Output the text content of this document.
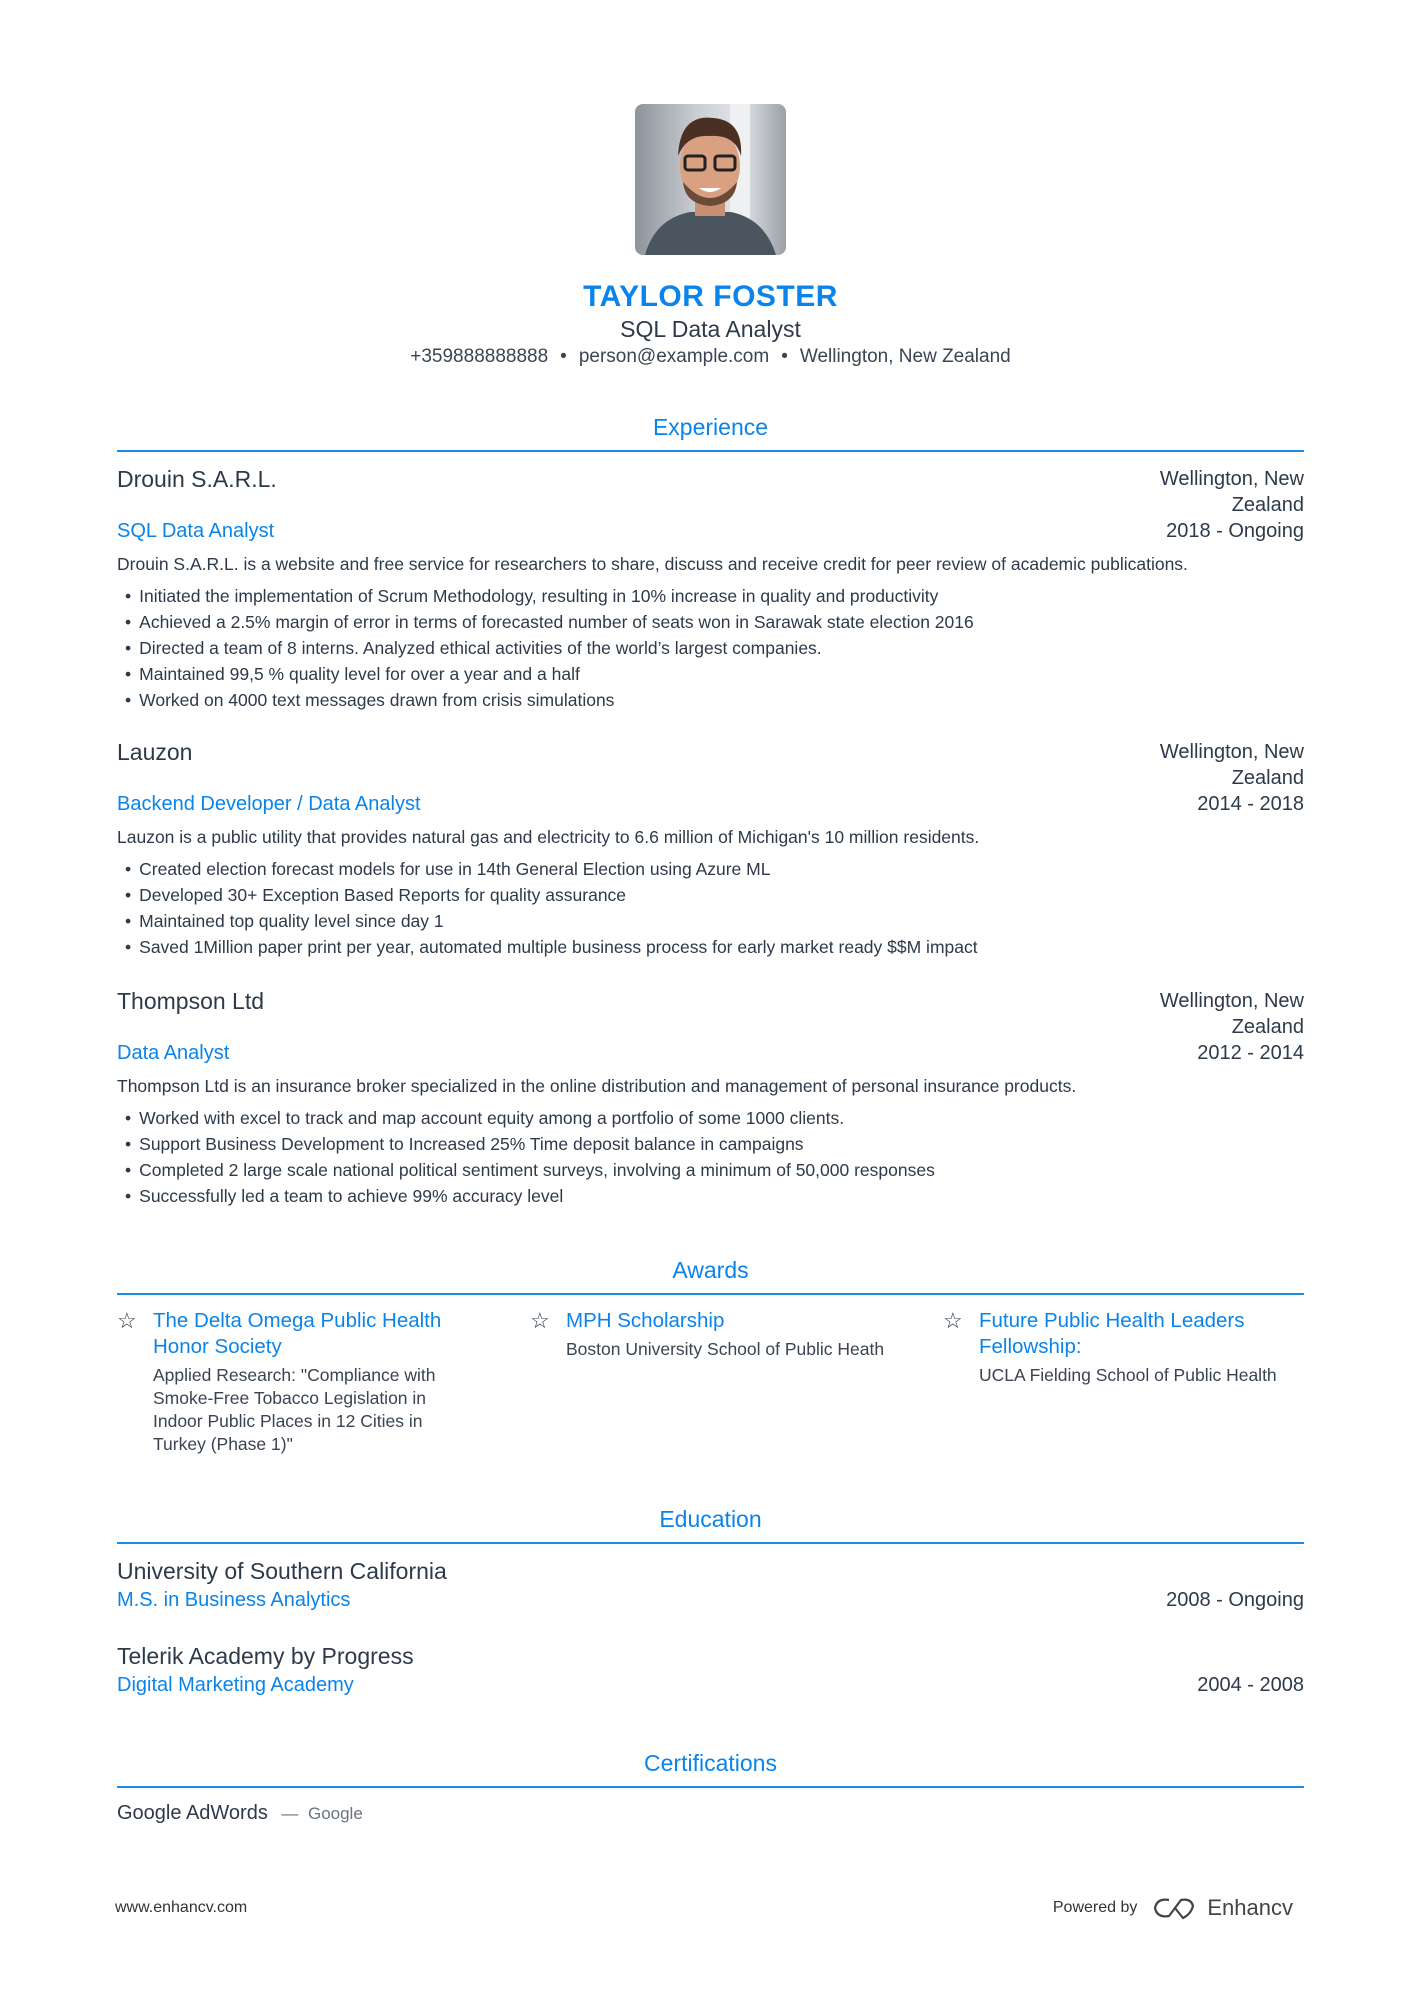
TAYLOR FOSTER
SQL Data Analyst
+359888888888 • person@example.com • Wellington, New Zealand
Experience
Drouin S.A.R.L.	Wellington, New Zealand
SQL Data Analyst	2018 - Ongoing
Drouin S.A.R.L. is a website and free service for researchers to share, discuss and receive credit for peer review of academic publications.
• Initiated the implementation of Scrum Methodology, resulting in 10% increase in quality and productivity
• Achieved a 2.5% margin of error in terms of forecasted number of seats won in Sarawak state election 2016
• Directed a team of 8 interns. Analyzed ethical activities of the world’s largest companies.
• Maintained 99,5 % quality level for over a year and a half
• Worked on 4000 text messages drawn from crisis simulations
Lauzon	Wellington, New Zealand
Backend Developer / Data Analyst	2014 - 2018
Lauzon is a public utility that provides natural gas and electricity to 6.6 million of Michigan's 10 million residents.
• Created election forecast models for use in 14th General Election using Azure ML
• Developed 30+ Exception Based Reports for quality assurance
• Maintained top quality level since day 1
• Saved 1Million paper print per year, automated multiple business process for early market ready $$M impact
Thompson Ltd	Wellington, New Zealand
Data Analyst	2012 - 2014
Thompson Ltd is an insurance broker specialized in the online distribution and management of personal insurance products.
• Worked with excel to track and map account equity among a portfolio of some 1000 clients.
• Support Business Development to Increased 25% Time deposit balance in campaigns
• Completed 2 large scale national political sentiment surveys, involving a minimum of 50,000 responses
• Successfully led a team to achieve 99% accuracy level
Awards
☆ The Delta Omega Public Health Honor Society
Applied Research: "Compliance with Smoke-Free Tobacco Legislation in Indoor Public Places in 12 Cities in Turkey (Phase 1)"
☆ MPH Scholarship
Boston University School of Public Heath
☆ Future Public Health Leaders Fellowship:
UCLA Fielding School of Public Health
Education
University of Southern California
M.S. in Business Analytics	2008 - Ongoing
Telerik Academy by Progress
Digital Marketing Academy	2004 - 2008
Certifications
Google AdWords — Google
www.enhancv.com	Powered by	Enhancv
